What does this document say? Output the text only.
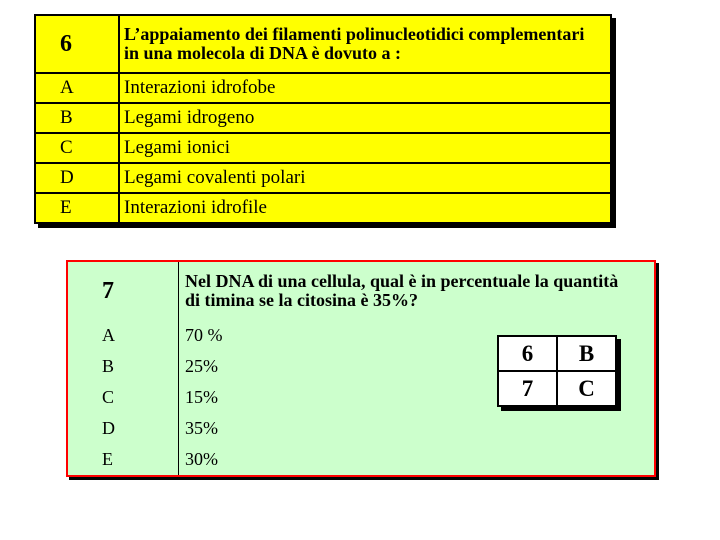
6	L’appaiamento dei filamenti polinucleotidici complementari
in una molecola di DNA è dovuto a :
A	Interazioni idrofobe
B	Legami idrogeno
C	Legami ionici
D	Legami covalenti polari
E	Interazioni idrofile
7	Nel DNA di una cellula, qual è in percentuale la quantità
di timina se la citosina è 35%?
A	70 %
B	25%
C	15%
D	35%
E	30%
6	B
7	C
